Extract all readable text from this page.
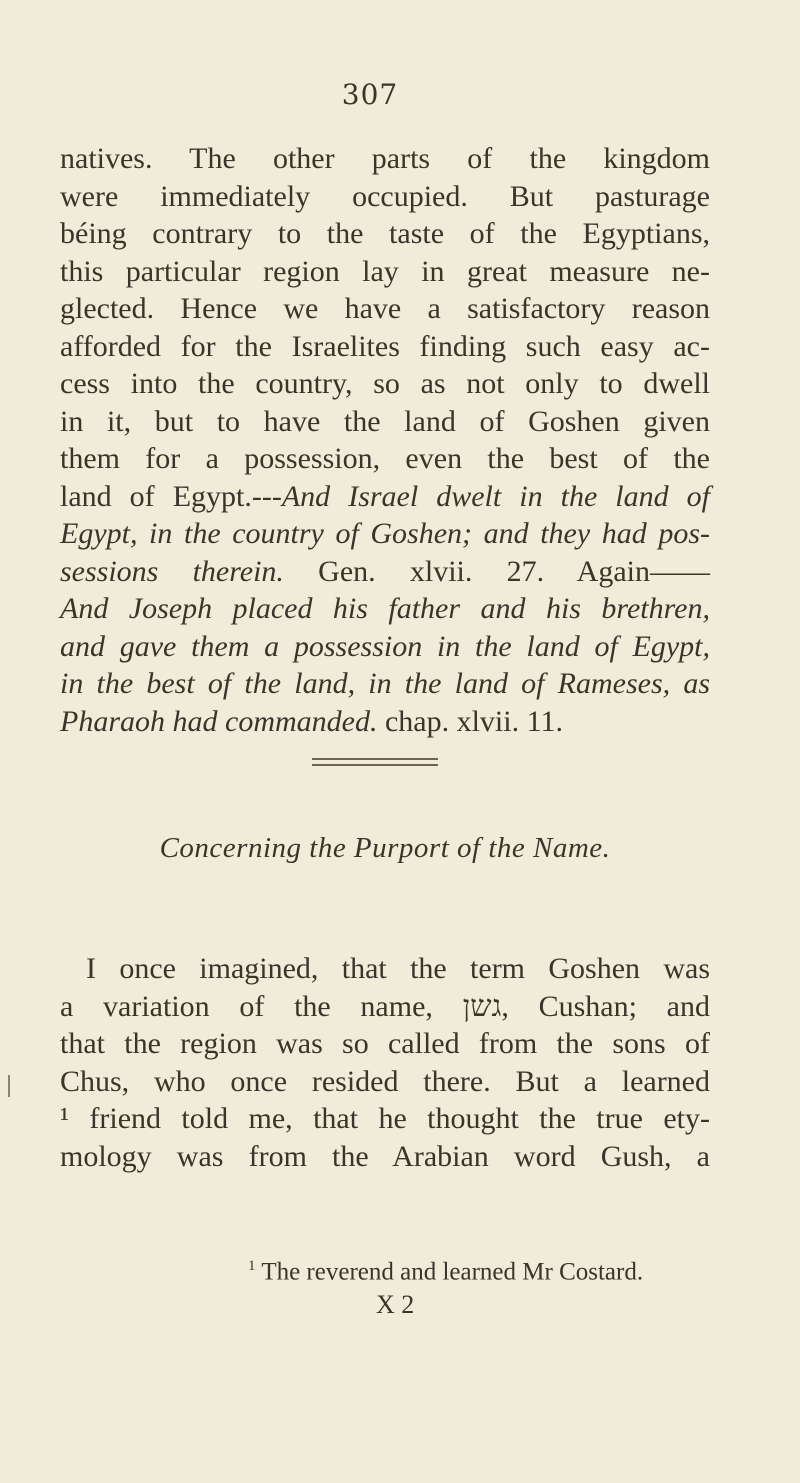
307
natives. The other parts of the kingdom
were immediately occupied. But pasturage
béing contrary to the taste of the Egyptians,
this particular region lay in great measure ne-
glected. Hence we have a satisfactory reason
afforded for the Israelites finding such easy ac-
cess into the country, so as not only to dwell
in it, but to have the land of Goshen given
them for a possession, even the best of the
land of Egypt.---And Israel dwelt in the land of
Egypt, in the country of Goshen; and they had pos-
sessions therein. Gen. xlvii. 27. Again——
And Joseph placed his father and his brethren,
and gave them a possession in the land of Egypt,
in the best of the land, in the land of Rameses, as
Pharaoh had commanded. chap. xlvii. 11.
Concerning the Purport of the Name.
I once imagined, that the term Goshen was
a variation of the name, גשן, Cushan; and
that the region was so called from the sons of
Chus, who once resided there. But a learned
¹ friend told me, that he thought the true ety-
mology was from the Arabian word Gush, a
$^1$ The reverend and learned Mr Costard.
X 2
